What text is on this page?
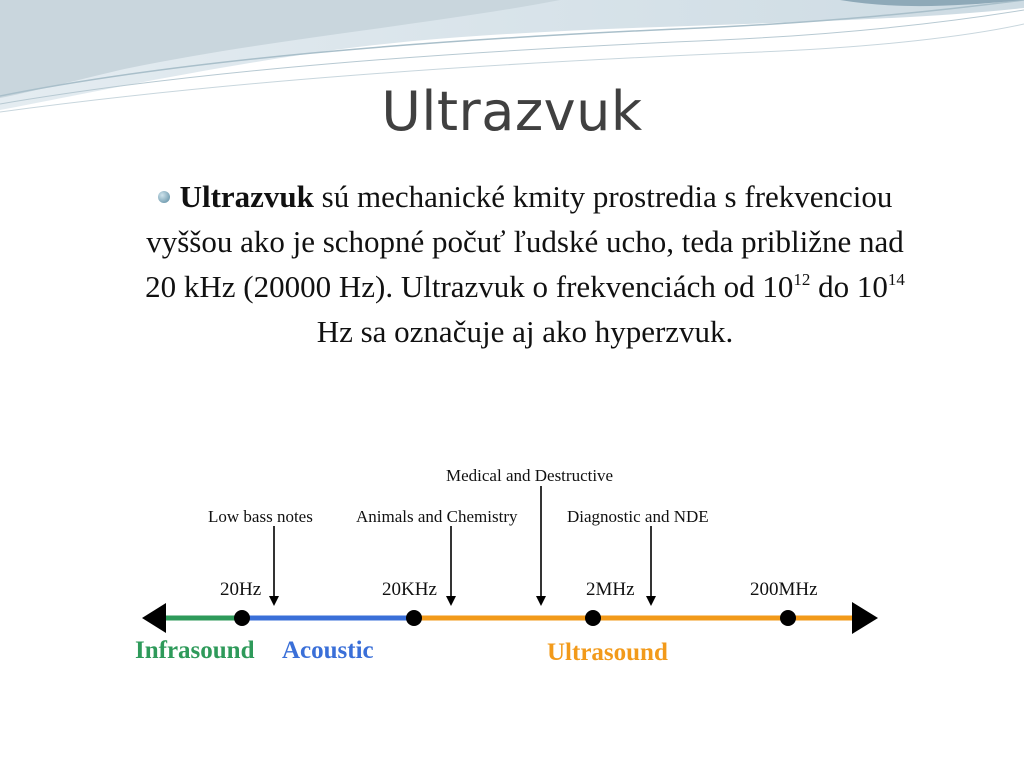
Ultrazvuk
Ultrazvuk sú mechanické kmity prostredia s frekvenciou vyššou ako je schopné počuť ľudské ucho, teda približne nad 20 kHz (20000 Hz). Ultrazvuk o frekvenciách od $10^{12}$ do $10^{14}$ Hz sa označuje aj ako hyperzvuk.
20Hz	20KHz	2MHz	200MHz
Low bass notes	Animals and Chemistry
Medical and Destructive
Diagnostic and NDE
Infrasound Acoustic	Ultrasound
